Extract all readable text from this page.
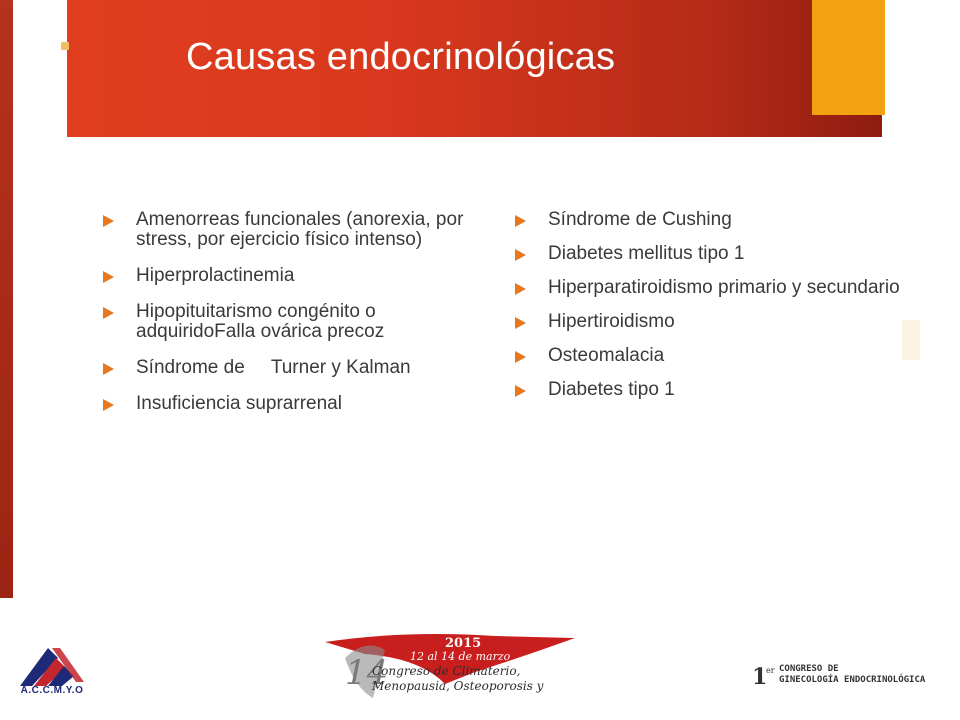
Causas endocrinológicas
Amenorreas funcionales (anorexia, por stress, por ejercicio físico intenso)
Hiperprolactinemia
Hipopituitarismo congénito o adquiridoFalla ovárica precoz
Síndrome de     Turner y Kalman
Insuficiencia suprarrenal
Síndrome de Cushing
Diabetes mellitus tipo 1
Hiperparatiroidismo primario y secundario
Hipertiroidismo
Osteomalacia
Diabetes tipo 1
A.C.C.M.Y.O	14
2015
12 al 14 de marzo
Congreso de Climaterio,
Menopausia, Osteoporosis y	1
er CONGRESO DE
GINECOLOGÍA ENDOCRINOLÓGICA
